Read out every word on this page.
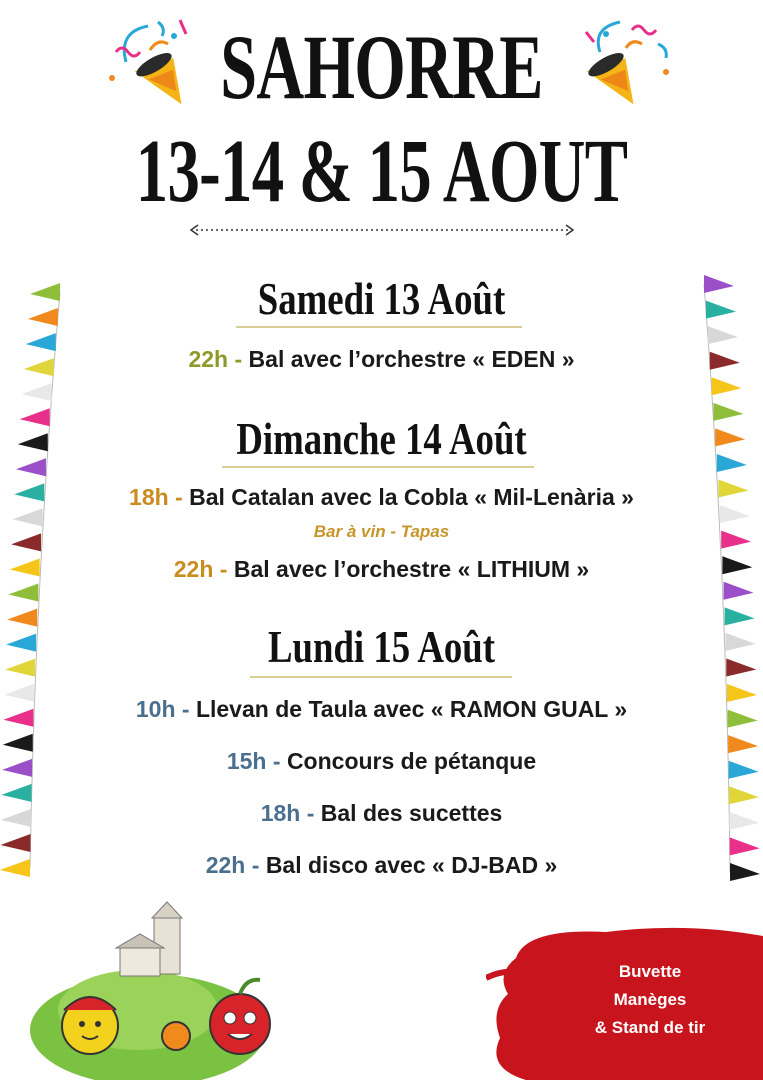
SAHORRE
13-14 & 15 AOUT
Samedi 13 Août
22h - Bal avec l’orchestre « EDEN »
Dimanche 14 Août
18h - Bal Catalan avec la Cobla « Mil-Lenària »
Bar à vin - Tapas
22h - Bal avec l’orchestre « LITHIUM »
Lundi 15 Août
10h - Llevan de Taula avec « RAMON GUAL »
15h - Concours de pétanque
18h - Bal des sucettes
22h - Bal disco avec « DJ-BAD »
Buvette
Manèges
& Stand de tir
